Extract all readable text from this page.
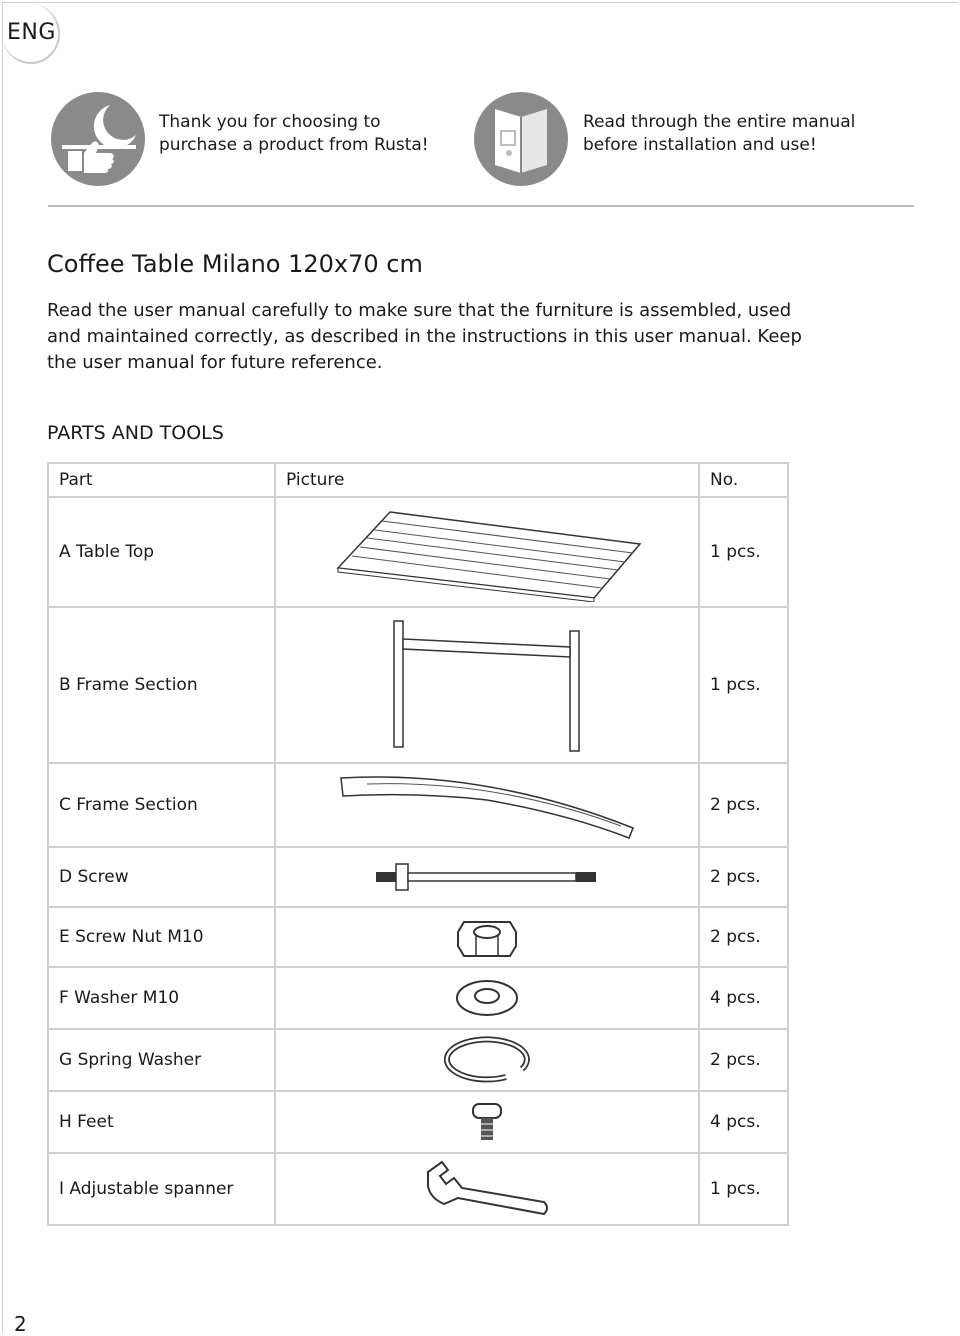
ENG
Thank you for choosing to
purchase a product from Rusta!
Read through the entire manual
before installation and use!
Coffee Table Milano 120x70 cm
Read the user manual carefully to make sure that the furniture is assembled, used
and maintained correctly, as described in the instructions in this user manual. Keep
the user manual for future reference.
PARTS AND TOOLS
Part	Picture	No.
A Table Top		1 pcs.
B Frame Section		1 pcs.
C Frame Section		2 pcs.
D Screw		2 pcs.
E Screw Nut M10		2 pcs.
F Washer M10		4 pcs.
G Spring Washer		2 pcs.
H Feet		4 pcs.
I Adjustable spanner		1 pcs.
2
